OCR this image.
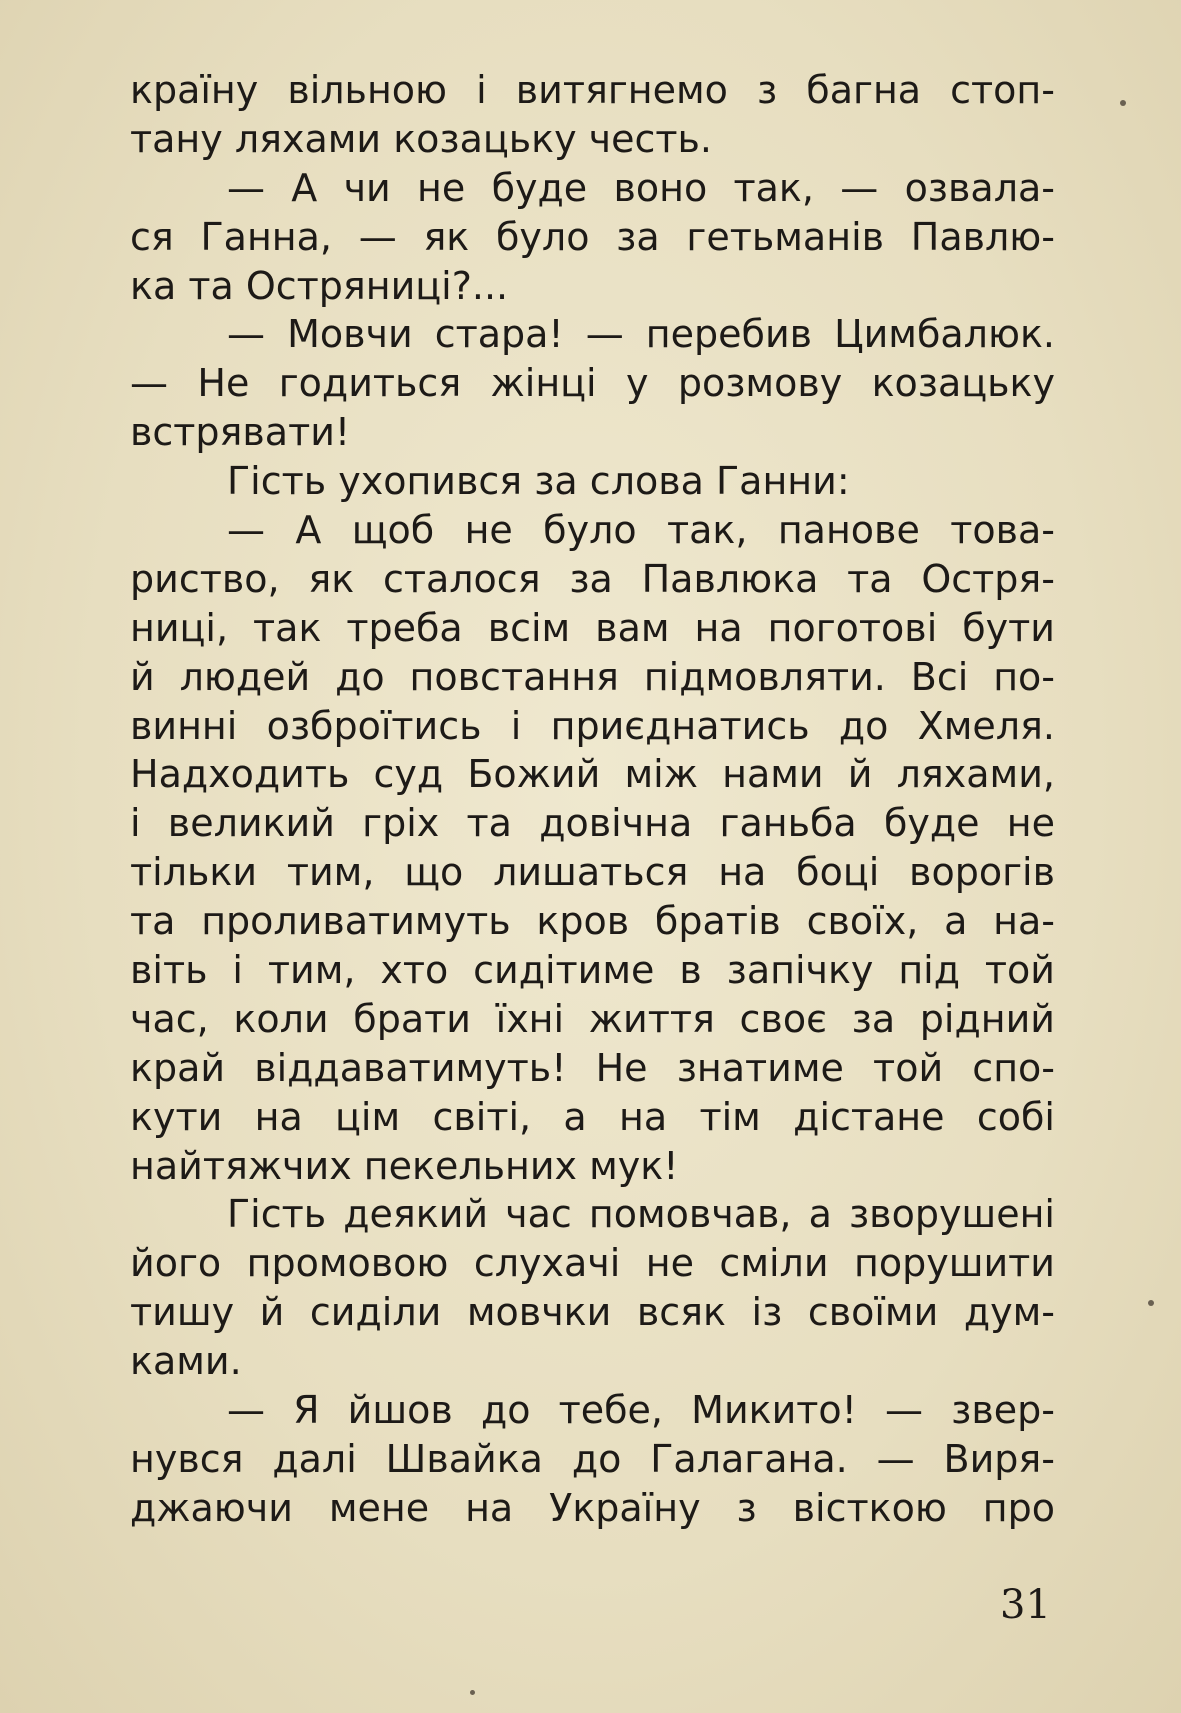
країну вільною і витягнемо з багна стоп-
тану ляхами козацьку честь.
— А чи не буде воно так, — озвала-
ся Ганна, — як було за гетьманів Павлю-
ка та Остряниці?...
— Мовчи стара! — перебив Цимбалюк.
— Не годиться жінці у розмову козацьку
встрявати!
Гість ухопився за слова Ганни:
— А щоб не було так, панове това-
риство, як сталося за Павлюка та Остря-
ниці, так треба всім вам на поготові бути
й людей до повстання підмовляти. Всі по-
винні озброїтись і приєднатись до Хмеля.
Надходить суд Божий між нами й ляхами,
і великий гріх та довічна ганьба буде не
тільки тим, що лишаться на боці ворогів
та проливатимуть кров братів своїх, а на-
віть і тим, хто сидітиме в запічку під той
час, коли брати їхні життя своє за рідний
край віддаватимуть! Не знатиме той спо-
кути на цім світі, а на тім дістане собі
найтяжчих пекельних мук!
Гість деякий час помовчав, а зворушені
його промовою слухачі не сміли порушити
тишу й сиділи мовчки всяк із своїми дум-
ками.
— Я йшов до тебе, Микито! — звер-
нувся далі Швайка до Галагана. — Виря-
джаючи мене на Україну з вісткою про
31
